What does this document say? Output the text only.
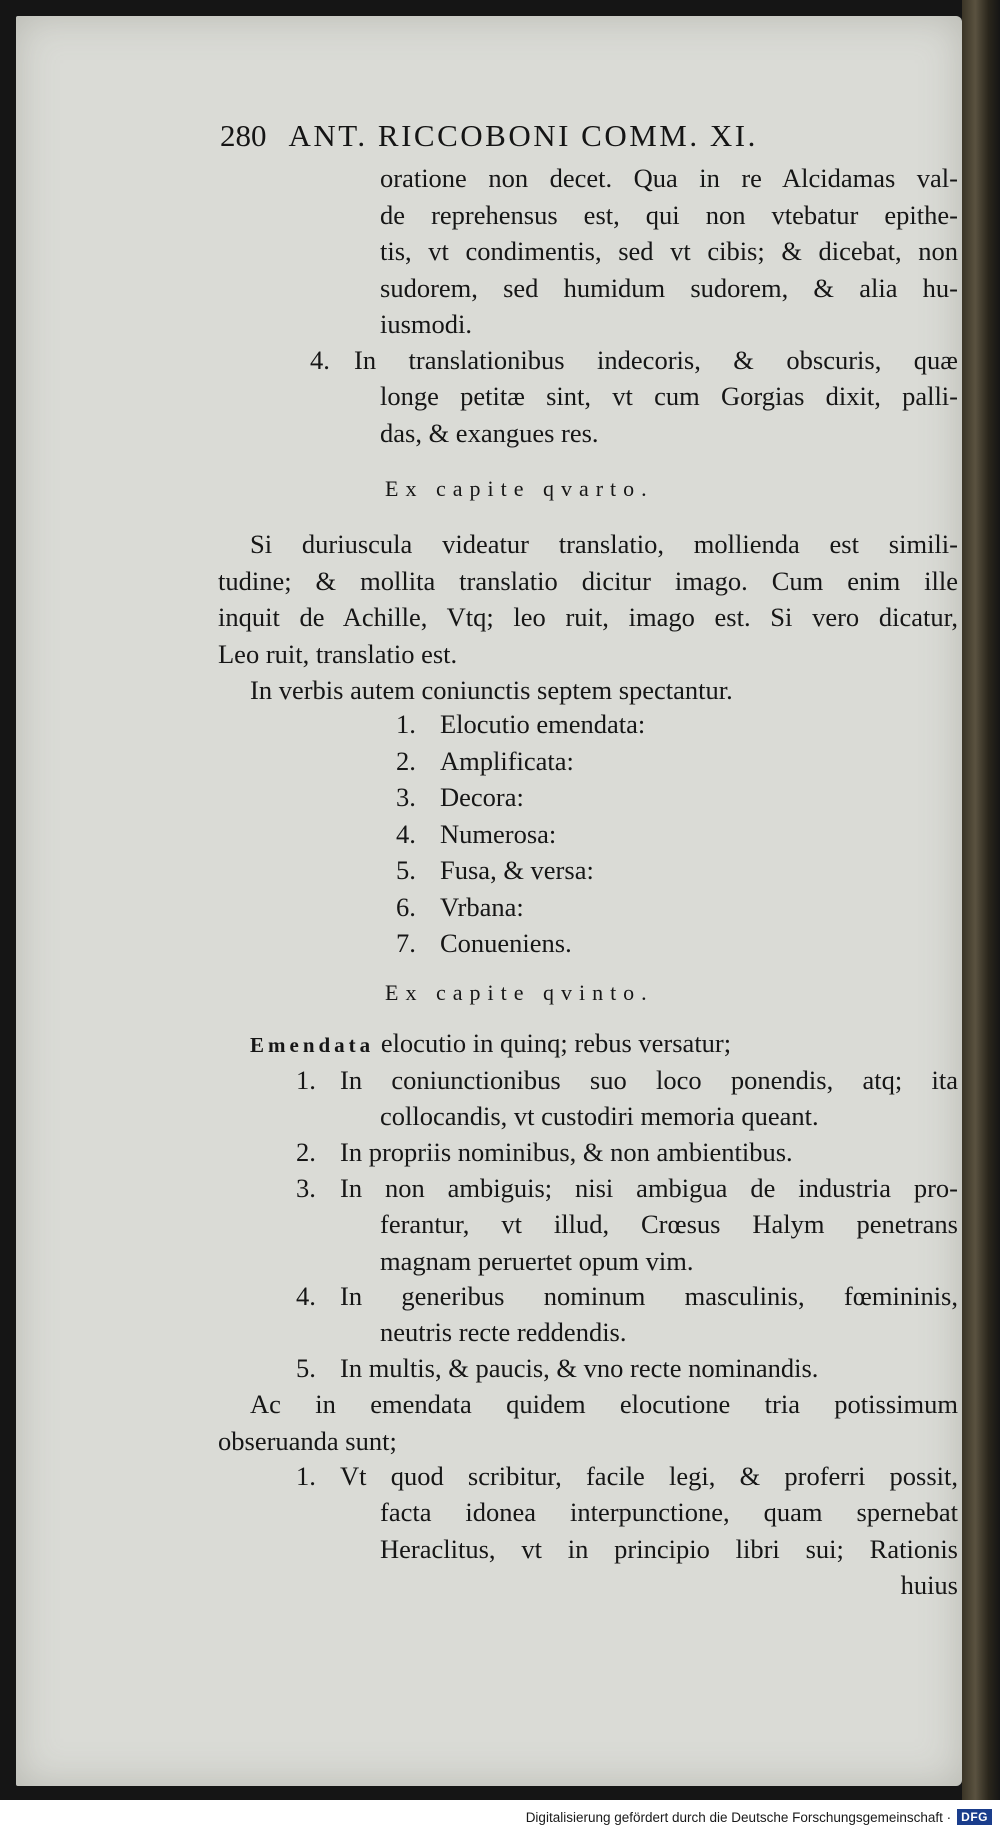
280 ANT. RICCOBONI COMM. XI.
oratione non decet. Qua in re Alcidamas val-
de reprehensus est, qui non vtebatur epithe-
tis, vt condimentis, sed vt cibis; & dicebat, non
sudorem, sed humidum sudorem, & alia hu-
iusmodi.
4. In translationibus indecoris, & obscuris, quæ
longe petitæ sint, vt cum Gorgias dixit, palli-
das, & exangues res.
Ex capite qvarto.
Si duriuscula videatur translatio, mollienda est simili-
tudine; & mollita translatio dicitur imago. Cum enim ille
inquit de Achille, Vtq; leo ruit, imago est. Si vero dicatur,
Leo ruit, translatio est.
In verbis autem coniunctis septem spectantur.
1. Elocutio emendata:
2. Amplificata:
3. Decora:
4. Numerosa:
5. Fusa, & versa:
6. Vrbana:
7. Conueniens.
Ex capite qvinto.
Emendata elocutio in quinq; rebus versatur;
1. In coniunctionibus suo loco ponendis, atq; ita
collocandis, vt custodiri memoria queant.
2. In propriis nominibus, & non ambientibus.
3. In non ambiguis; nisi ambigua de industria pro-
ferantur, vt illud, Crœsus Halym penetrans
magnam peruertet opum vim.
4. In generibus nominum masculinis, fœmininis,
neutris recte reddendis.
5. In multis, & paucis, & vno recte nominandis.
Ac in emendata quidem elocutione tria potissimum
obseruanda sunt;
1. Vt quod scribitur, facile legi, & proferri possit,
facta idonea interpunctione, quam spernebat
Heraclitus, vt in principio libri sui; Rationis
huius
Digitalisierung gefördert durch die Deutsche Forschungsgemeinschaft · DFG
